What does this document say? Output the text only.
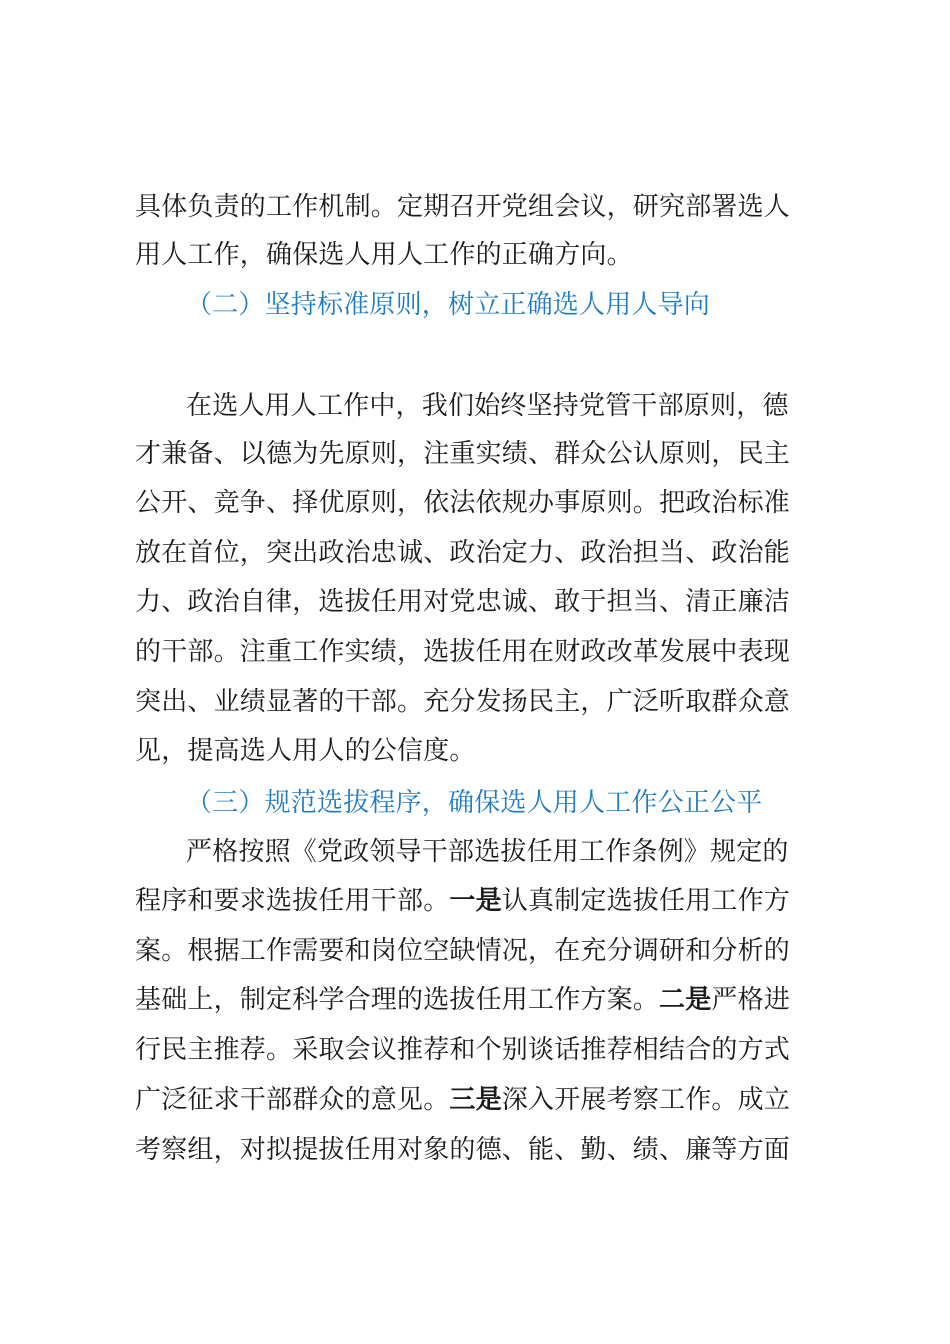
具体负责的工作机制。定期召开党组会议，研究部署选人
用人工作，确保选人用人工作的正确方向。
（二）坚持标准原则，树立正确选人用人导向
在选人用人工作中，我们始终坚持党管干部原则，德
才兼备、以德为先原则，注重实绩、群众公认原则，民主
公开、竞争、择优原则，依法依规办事原则。把政治标准
放在首位，突出政治忠诚、政治定力、政治担当、政治能
力、政治自律，选拔任用对党忠诚、敢于担当、清正廉洁
的干部。注重工作实绩，选拔任用在财政改革发展中表现
突出、业绩显著的干部。充分发扬民主，广泛听取群众意
见，提高选人用人的公信度。
（三）规范选拔程序，确保选人用人工作公正公平
严格按照《党政领导干部选拔任用工作条例》规定的
程序和要求选拔任用干部。一是认真制定选拔任用工作方
案。根据工作需要和岗位空缺情况，在充分调研和分析的
基础上，制定科学合理的选拔任用工作方案。二是严格进
行民主推荐。采取会议推荐和个别谈话推荐相结合的方式
广泛征求干部群众的意见。三是深入开展考察工作。成立
考察组，对拟提拔任用对象的德、能、勤、绩、廉等方面
